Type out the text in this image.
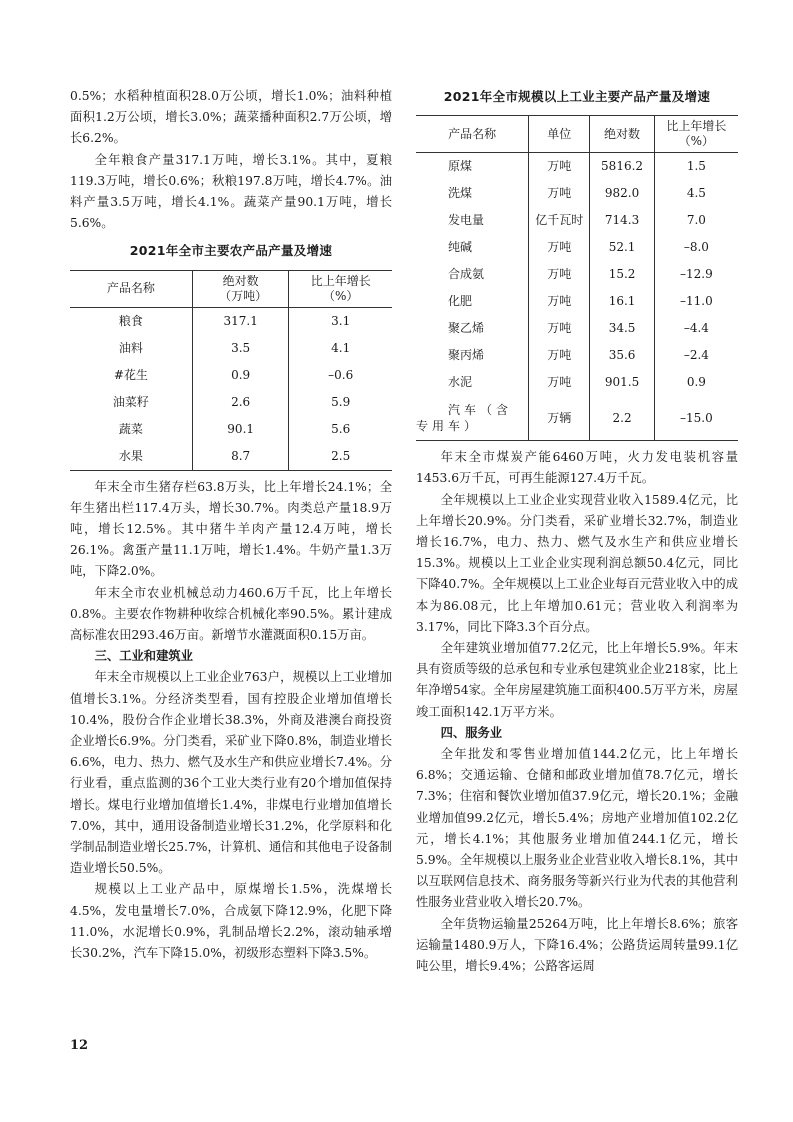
0.5%；水稻种植面积28.0万公顷，增长1.0%；油料种植面积1.2万公顷，增长3.0%；蔬菜播种面积2.7万公顷，增长6.2%。

全年粮食产量317.1万吨，增长3.1%。其中，夏粮119.3万吨，增长0.6%；秋粮197.8万吨，增长4.7%。油料产量3.5万吨，增长4.1%。蔬菜产量90.1万吨，增长5.6%。

2021年全市主要农产品产量及增速
产品名称	绝对数（万吨）	比上年增长（%）
粮食	317.1	3.1
油料	3.5	4.1
#花生	0.9	–0.6
油菜籽	2.6	5.9
蔬菜	90.1	5.6
水果	8.7	2.5

年末全市生猪存栏63.8万头，比上年增长24.1%；全年生猪出栏117.4万头，增长30.7%。肉类总产量18.9万吨，增长12.5%。其中猪牛羊肉产量12.4万吨，增长26.1%。禽蛋产量11.1万吨，增长1.4%。牛奶产量1.3万吨，下降2.0%。

年末全市农业机械总动力460.6万千瓦，比上年增长0.8%。主要农作物耕种收综合机械化率90.5%。累计建成高标准农田293.46万亩。新增节水灌溉面积0.15万亩。

三、工业和建筑业

年末全市规模以上工业企业763户，规模以上工业增加值增长3.1%。分经济类型看，国有控股企业增加值增长10.4%，股份合作企业增长38.3%，外商及港澳台商投资企业增长6.9%。分门类看，采矿业下降0.8%，制造业增长6.6%，电力、热力、燃气及水生产和供应业增长7.4%。分行业看，重点监测的36个工业大类行业有20个增加值保持增长。煤电行业增加值增长1.4%，非煤电行业增加值增长7.0%，其中，通用设备制造业增长31.2%，化学原料和化学制品制造业增长25.7%，计算机、通信和其他电子设备制造业增长50.5%。

规模以上工业产品中，原煤增长1.5%，洗煤增长4.5%，发电量增长7.0%，合成氨下降12.9%，化肥下降11.0%，水泥增长0.9%，乳制品增长2.2%，滚动轴承增长30.2%，汽车下降15.0%，初级形态塑料下降3.5%。

2021年全市规模以上工业主要产品产量及增速
产品名称	单位	绝对数	比上年增长（%）
原煤	万吨	5816.2	1.5
洗煤	万吨	982.0	4.5
发电量	亿千瓦时	714.3	7.0
纯碱	万吨	52.1	–8.0
合成氨	万吨	15.2	–12.9
化肥	万吨	16.1	–11.0
聚乙烯	万吨	34.5	–4.4
聚丙烯	万吨	35.6	–2.4
水泥	万吨	901.5	0.9

汽车（含专用车）	万辆	2.2	–15.0

年末全市煤炭产能6460万吨，火力发电装机容量1453.6万千瓦，可再生能源127.4万千瓦。

全年规模以上工业企业实现营业收入1589.4亿元，比上年增长20.9%。分门类看，采矿业增长32.7%，制造业增长16.7%，电力、热力、燃气及水生产和供应业增长15.3%。规模以上工业企业实现利润总额50.4亿元，同比下降40.7%。全年规模以上工业企业每百元营业收入中的成本为86.08元，比上年增加0.61元；营业收入利润率为3.17%，同比下降3.3个百分点。

全年建筑业增加值77.2亿元，比上年增长5.9%。年末具有资质等级的总承包和专业承包建筑业企业218家，比上年净增54家。全年房屋建筑施工面积400.5万平方米，房屋竣工面积142.1万平方米。

四、服务业

全年批发和零售业增加值144.2亿元，比上年增长6.8%；交通运输、仓储和邮政业增加值78.7亿元，增长7.3%；住宿和餐饮业增加值37.9亿元，增长20.1%；金融业增加值99.2亿元，增长5.4%；房地产业增加值102.2亿元，增长4.1%；其他服务业增加值244.1亿元，增长5.9%。全年规模以上服务业企业营业收入增长8.1%，其中以互联网信息技术、商务服务等新兴行业为代表的其他营利性服务业营业收入增长20.7%。

全年货物运输量25264万吨，比上年增长8.6%；旅客运输量1480.9万人，下降16.4%；公路货运周转量99.1亿吨公里，增长9.4%；公路客运周

12
